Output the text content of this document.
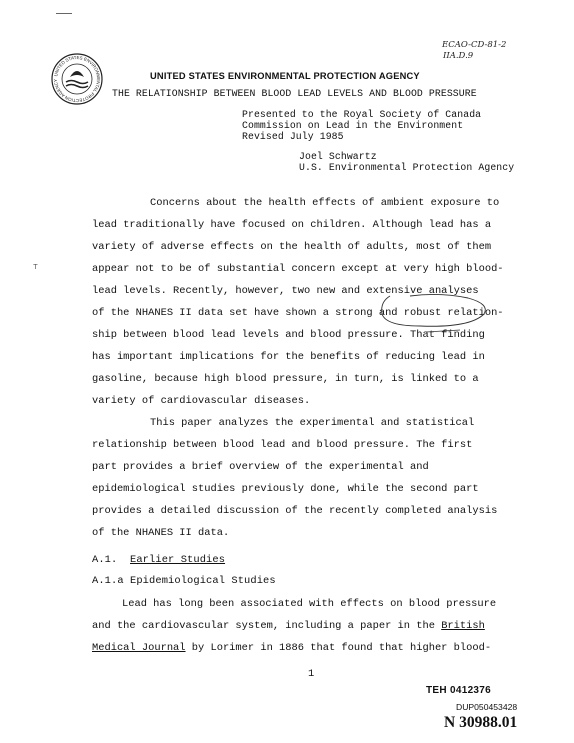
ECAO-CD-81-2
IIA.D.9
UNITED STATES ENVIRONMENTAL PROTECTION AGENCY	UNITED STATES ENVIRONMENTAL PROTECTION AGENCY
THE RELATIONSHIP BETWEEN BLOOD LEAD LEVELS AND BLOOD PRESSURE
Presented to the Royal Society of Canada
Commission on Lead in the Environment
Revised July 1985
Joel Schwartz
U.S. Environmental Protection Agency
Concerns about the health effects of ambient exposure to
lead traditionally have focused on children. Although lead has a
variety of adverse effects on the health of adults, most of them
appear not to be of substantial concern except at very high blood-
lead levels. Recently, however, two new and extensive analyses
of the NHANES II data set have shown a strong and robust relation-
ship between blood lead levels and blood pressure. That finding
has important implications for the benefits of reducing lead in
gasoline, because high blood pressure, in turn, is linked to a
variety of cardiovascular diseases.
⊤
This paper analyzes the experimental and statistical
relationship between blood lead and blood pressure. The first
part provides a brief overview of the experimental and
epidemiological studies previously done, while the second part
provides a detailed discussion of the recently completed analysis
of the NHANES II data.
A.1. Earlier Studies
A.1.a Epidemiological Studies
Lead has long been associated with effects on blood pressure
and the cardiovascular system, including a paper in the British
Medical Journal by Lorimer in 1886 that found that higher blood-
1
TEH 0412376
DUP050453428
N 30988.01
